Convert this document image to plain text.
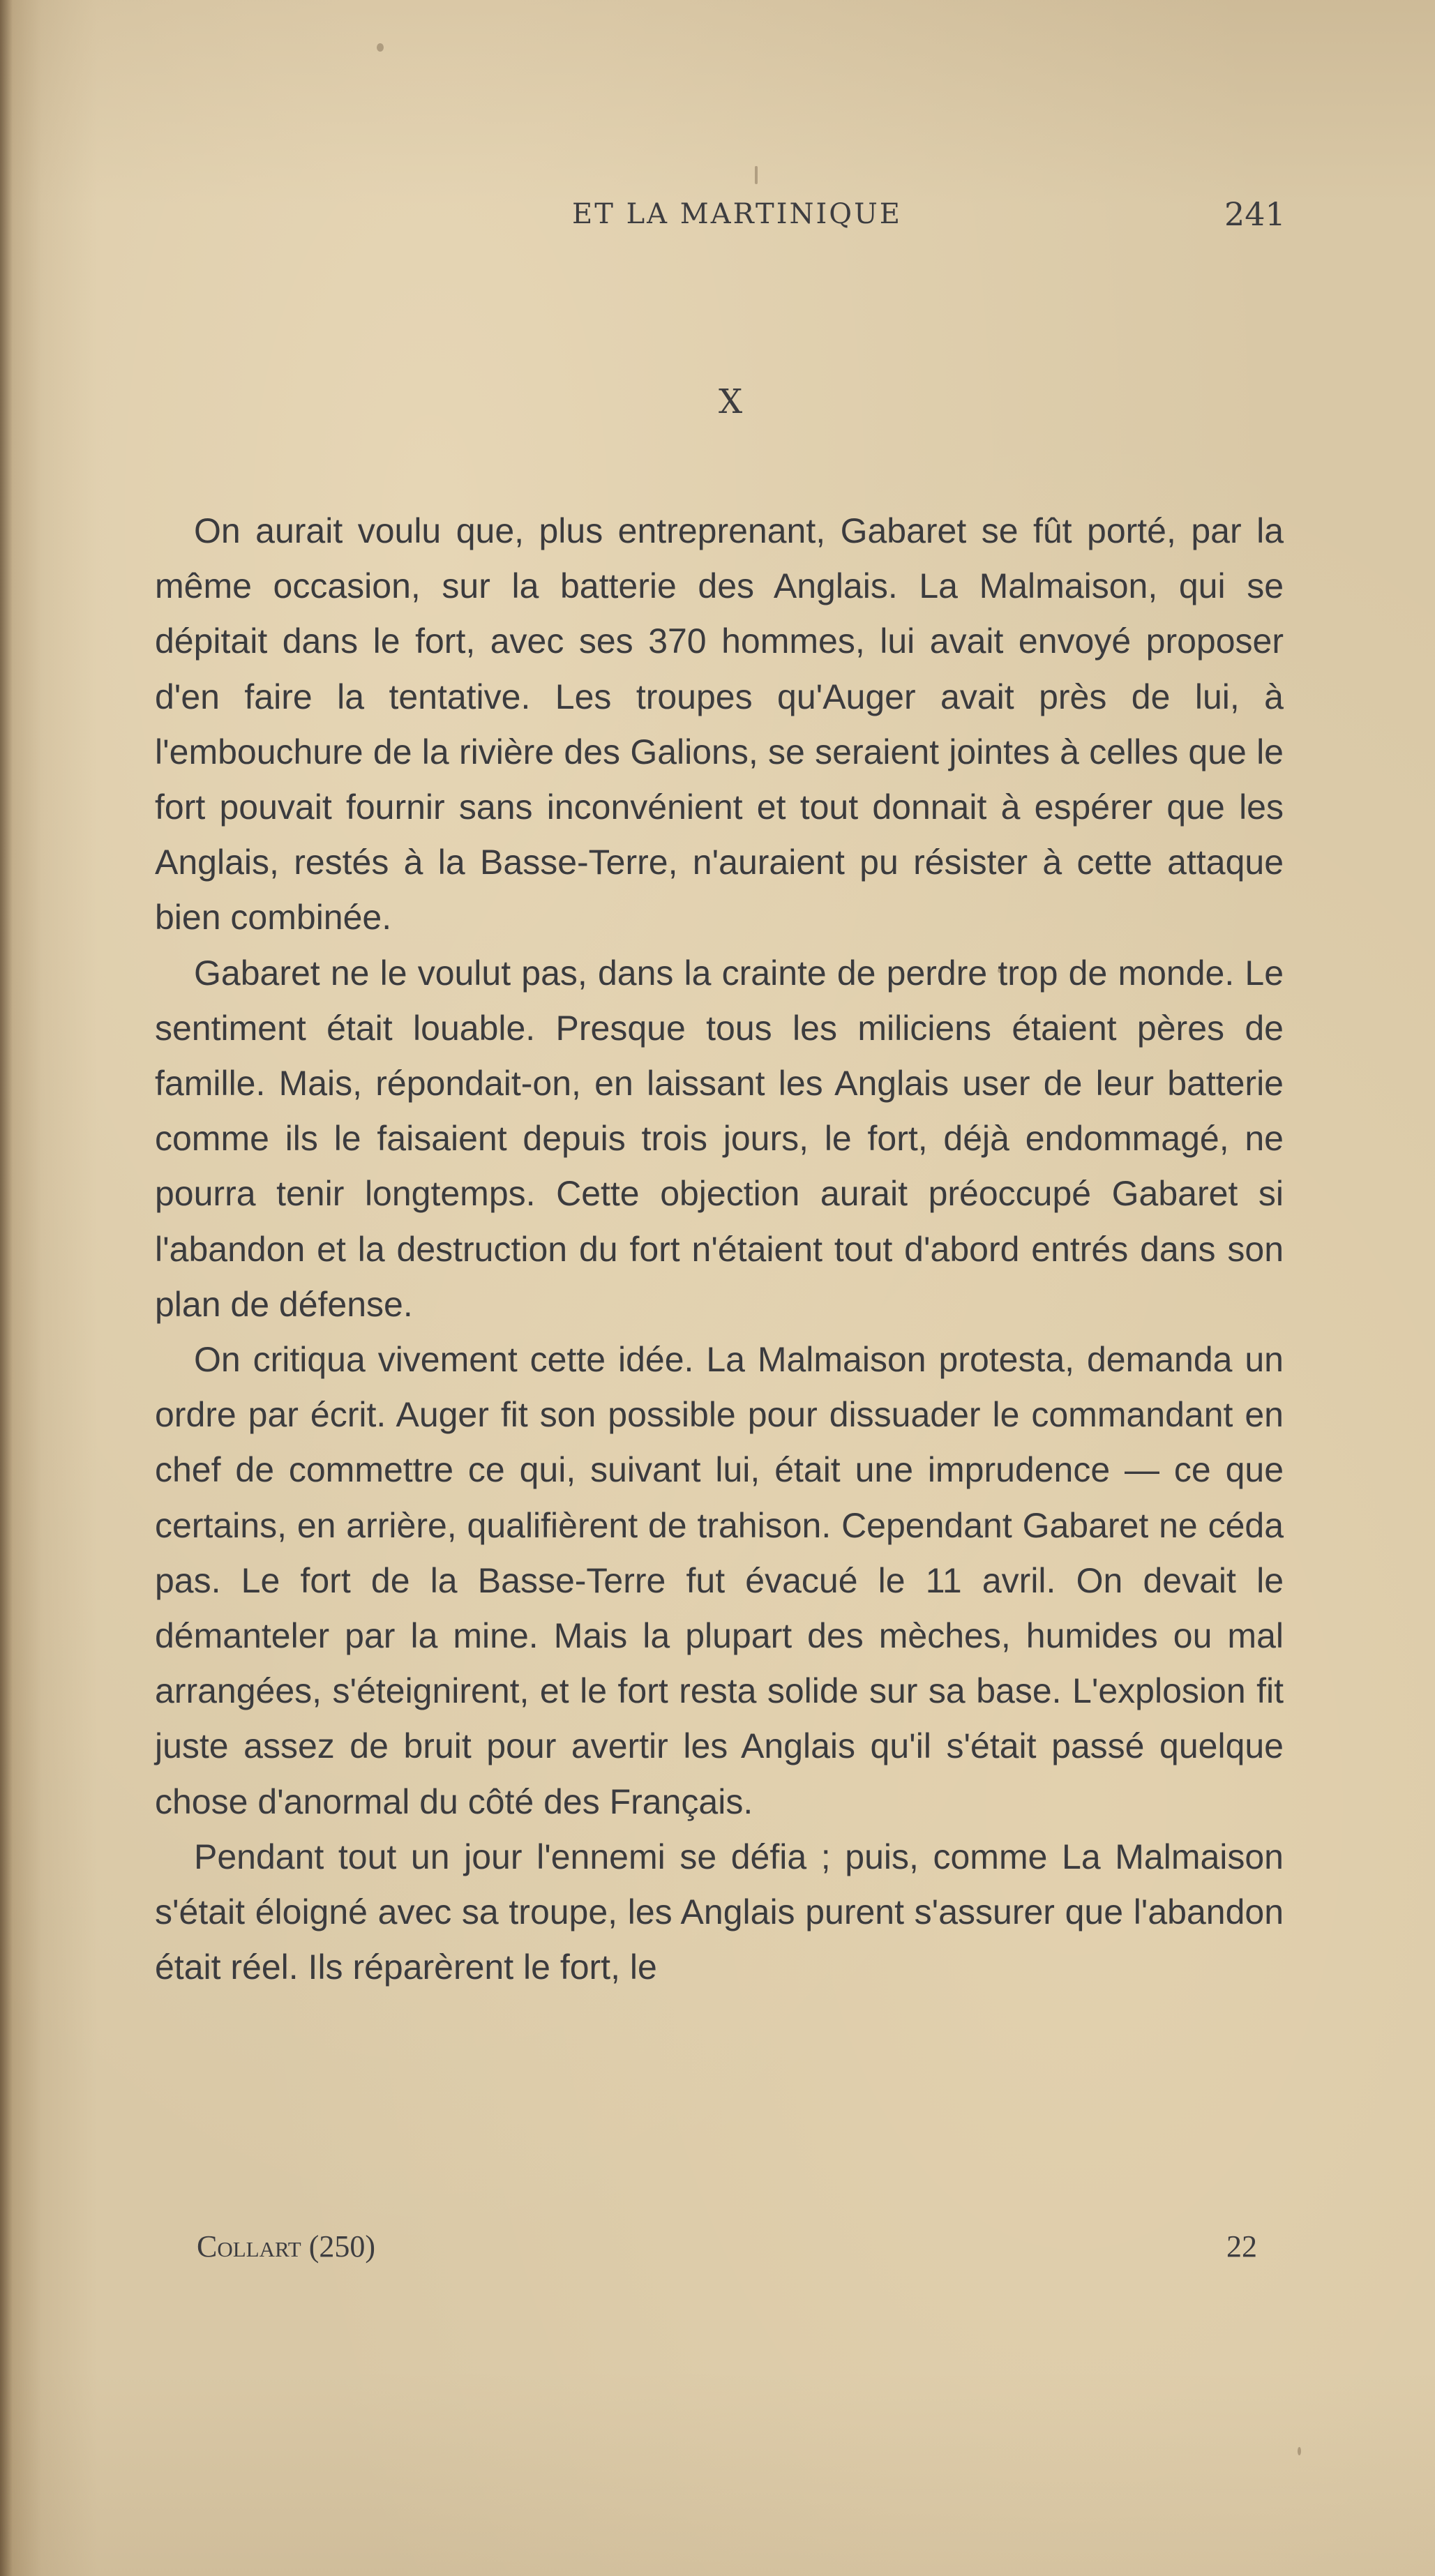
ET LA MARTINIQUE	241
X

On aurait voulu que, plus entreprenant, Gabaret se fût porté, par la même occasion, sur la batterie des Anglais. La Malmaison, qui se dépitait dans le fort, avec ses 370 hommes, lui avait envoyé proposer d'en faire la tentative. Les troupes qu'Auger avait près de lui, à l'embouchure de la rivière des Galions, se seraient jointes à celles que le fort pouvait fournir sans inconvénient et tout donnait à espérer que les Anglais, restés à la Basse-Terre, n'auraient pu résister à cette attaque bien combinée.

Gabaret ne le voulut pas, dans la crainte de perdre trop de monde. Le sentiment était louable. Presque tous les miliciens étaient pères de famille. Mais, répondait-on, en laissant les Anglais user de leur batterie comme ils le faisaient depuis trois jours, le fort, déjà endommagé, ne pourra tenir longtemps. Cette objection aurait préoccupé Gabaret si l'abandon et la destruction du fort n'étaient tout d'abord entrés dans son plan de défense.

On critiqua vivement cette idée. La Malmaison protesta, demanda un ordre par écrit. Auger fit son possible pour dissuader le commandant en chef de commettre ce qui, suivant lui, était une imprudence — ce que certains, en arrière, qualifièrent de trahison. Cependant Gabaret ne céda pas. Le fort de la Basse-Terre fut évacué le 11 avril. On devait le démanteler par la mine. Mais la plupart des mèches, humides ou mal arrangées, s'éteignirent, et le fort resta solide sur sa base. L'explosion fit juste assez de bruit pour avertir les Anglais qu'il s'était passé quelque chose d'anormal du côté des Français.

Pendant tout un jour l'ennemi se défia ; puis, comme La Malmaison s'était éloigné avec sa troupe, les Anglais purent s'assurer que l'abandon était réel. Ils réparèrent le fort, le

Collart (250)	22
